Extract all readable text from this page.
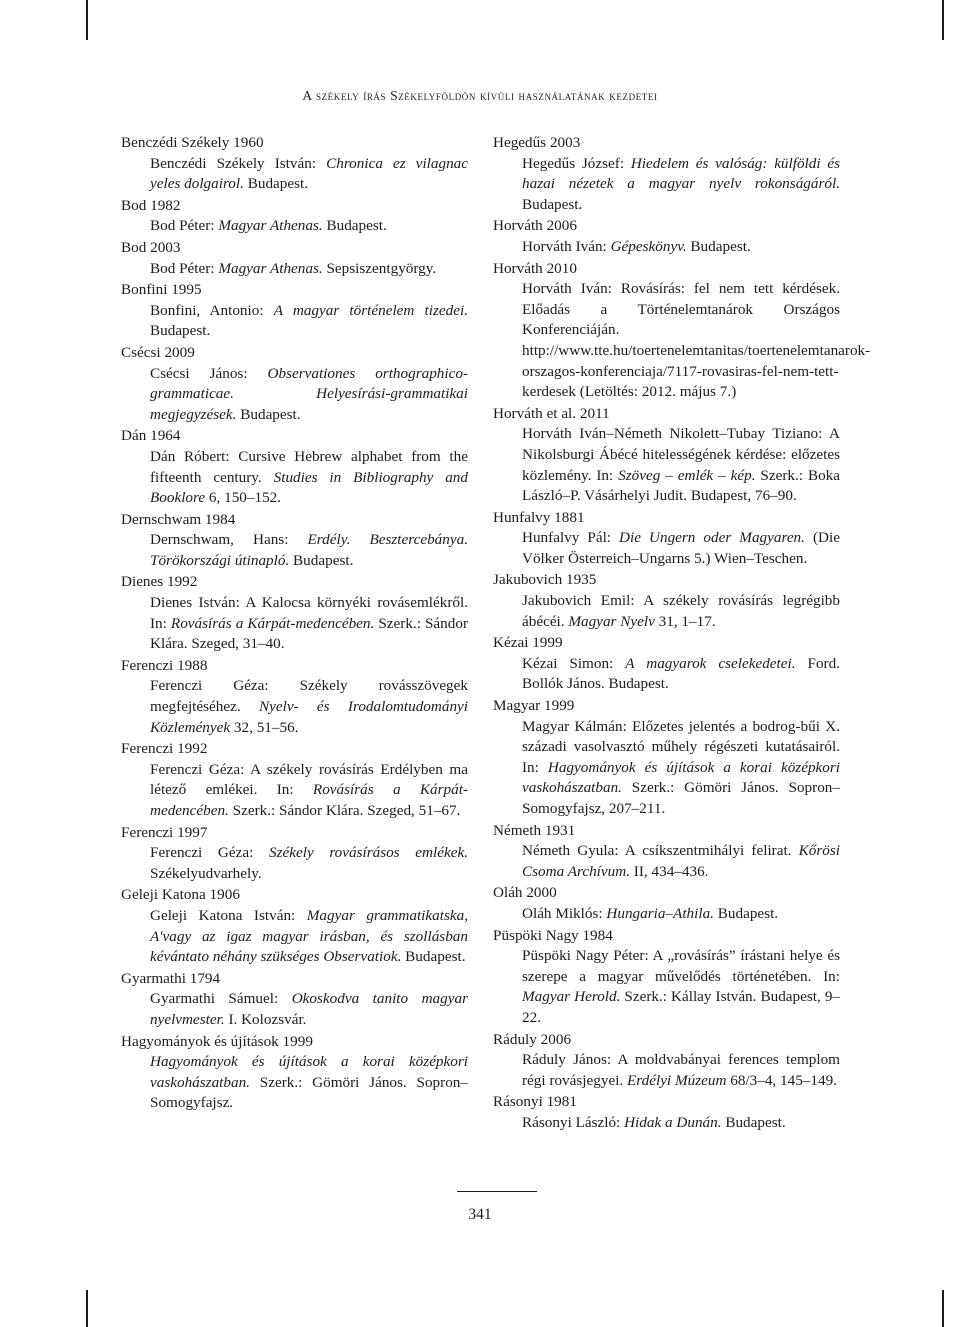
A székely írás Székelyföldön kívüli használatának kezdetei
Benczédi Székely 1960
Benczédi Székely István: Chronica ez vilagnac yeles dolgairol. Budapest.
Bod 1982
Bod Péter: Magyar Athenas. Budapest.
Bod 2003
Bod Péter: Magyar Athenas. Sepsiszentgyörgy.
Bonfini 1995
Bonfini, Antonio: A magyar történelem tizedei. Budapest.
Csécsi 2009
Csécsi János: Observationes orthographico-grammaticae. Helyesírási-grammatikai megjegyzések. Budapest.
Dán 1964
Dán Róbert: Cursive Hebrew alphabet from the fifteenth century. Studies in Bibliography and Booklore 6, 150–152.
Dernschwam 1984
Dernschwam, Hans: Erdély. Besztercebánya. Törökországi útinapló. Budapest.
Dienes 1992
Dienes István: A Kalocsa környéki rovásemlékről. In: Rovásírás a Kárpát-medencében. Szerk.: Sándor Klára. Szeged, 31–40.
Ferenczi 1988
Ferenczi Géza: Székely rovásszövegek megfejtéséhez. Nyelv- és Irodalomtudományi Közlemények 32, 51–56.
Ferenczi 1992
Ferenczi Géza: A székely rovásírás Erdélyben ma létező emlékei. In: Rovásírás a Kárpát-medencében. Szerk.: Sándor Klára. Szeged, 51–67.
Ferenczi 1997
Ferenczi Géza: Székely rovásírásos emlékek. Székelyudvarhely.
Geleji Katona 1906
Geleji Katona István: Magyar grammatikatska, A'vagy az igaz magyar irásban, és szollásban kévántato néhány szükséges Observatiok. Budapest.
Gyarmathi 1794
Gyarmathi Sámuel: Okoskodva tanito magyar nyelvmester. I. Kolozsvár.
Hagyományok és újítások 1999
Hagyományok és újítások a korai középkori vaskohászatban. Szerk.: Gömöri János. Sopron–Somogyfajsz.
Hegedűs 2003
Hegedűs József: Hiedelem és valóság: külföldi és hazai nézetek a magyar nyelv rokonságáról. Budapest.
Horváth 2006
Horváth Iván: Gépeskönyv. Budapest.
Horváth 2010
Horváth Iván: Rovásírás: fel nem tett kérdések. Előadás a Történelemtanárok Országos Konferenciáján. http://www.tte.hu/toertenelemtanitas/toertenelemtanarok-orszagos-konferenciaja/7117-rovasiras-fel-nem-tett-kerdesek (Letöltés: 2012. május 7.)
Horváth et al. 2011
Horváth Iván–Németh Nikolett–Tubay Tiziano: A Nikolsburgi Ábécé hitelességének kérdése: előzetes közlemény. In: Szöveg – emlék – kép. Szerk.: Boka László–P. Vásárhelyi Judit. Budapest, 76–90.
Hunfalvy 1881
Hunfalvy Pál: Die Ungern oder Magyaren. (Die Völker Österreich–Ungarns 5.) Wien–Teschen.
Jakubovich 1935
Jakubovich Emil: A székely rovásírás legrégibb ábécéi. Magyar Nyelv 31, 1–17.
Kézai 1999
Kézai Simon: A magyarok cselekedetei. Ford. Bollók János. Budapest.
Magyar 1999
Magyar Kálmán: Előzetes jelentés a bodrog-bűi X. századi vasolvasztó műhely régészeti kutatásairól. In: Hagyományok és újítások a korai középkori vaskohászatban. Szerk.: Gömöri János. Sopron–Somogyfajsz, 207–211.
Németh 1931
Németh Gyula: A csíkszentmihályi felirat. Kőrösi Csoma Archívum. II, 434–436.
Oláh 2000
Oláh Miklós: Hungaria–Athila. Budapest.
Püspöki Nagy 1984
Püspöki Nagy Péter: A „rovásírás” írástani helye és szerepe a magyar művelődés történetében. In: Magyar Herold. Szerk.: Kállay István. Budapest, 9–22.
Ráduly 2006
Ráduly János: A moldvabányai ferences templom régi rovásjegyei. Erdélyi Múzeum 68/3–4, 145–149.
Rásonyi 1981
Rásonyi László: Hidak a Dunán. Budapest.
341
